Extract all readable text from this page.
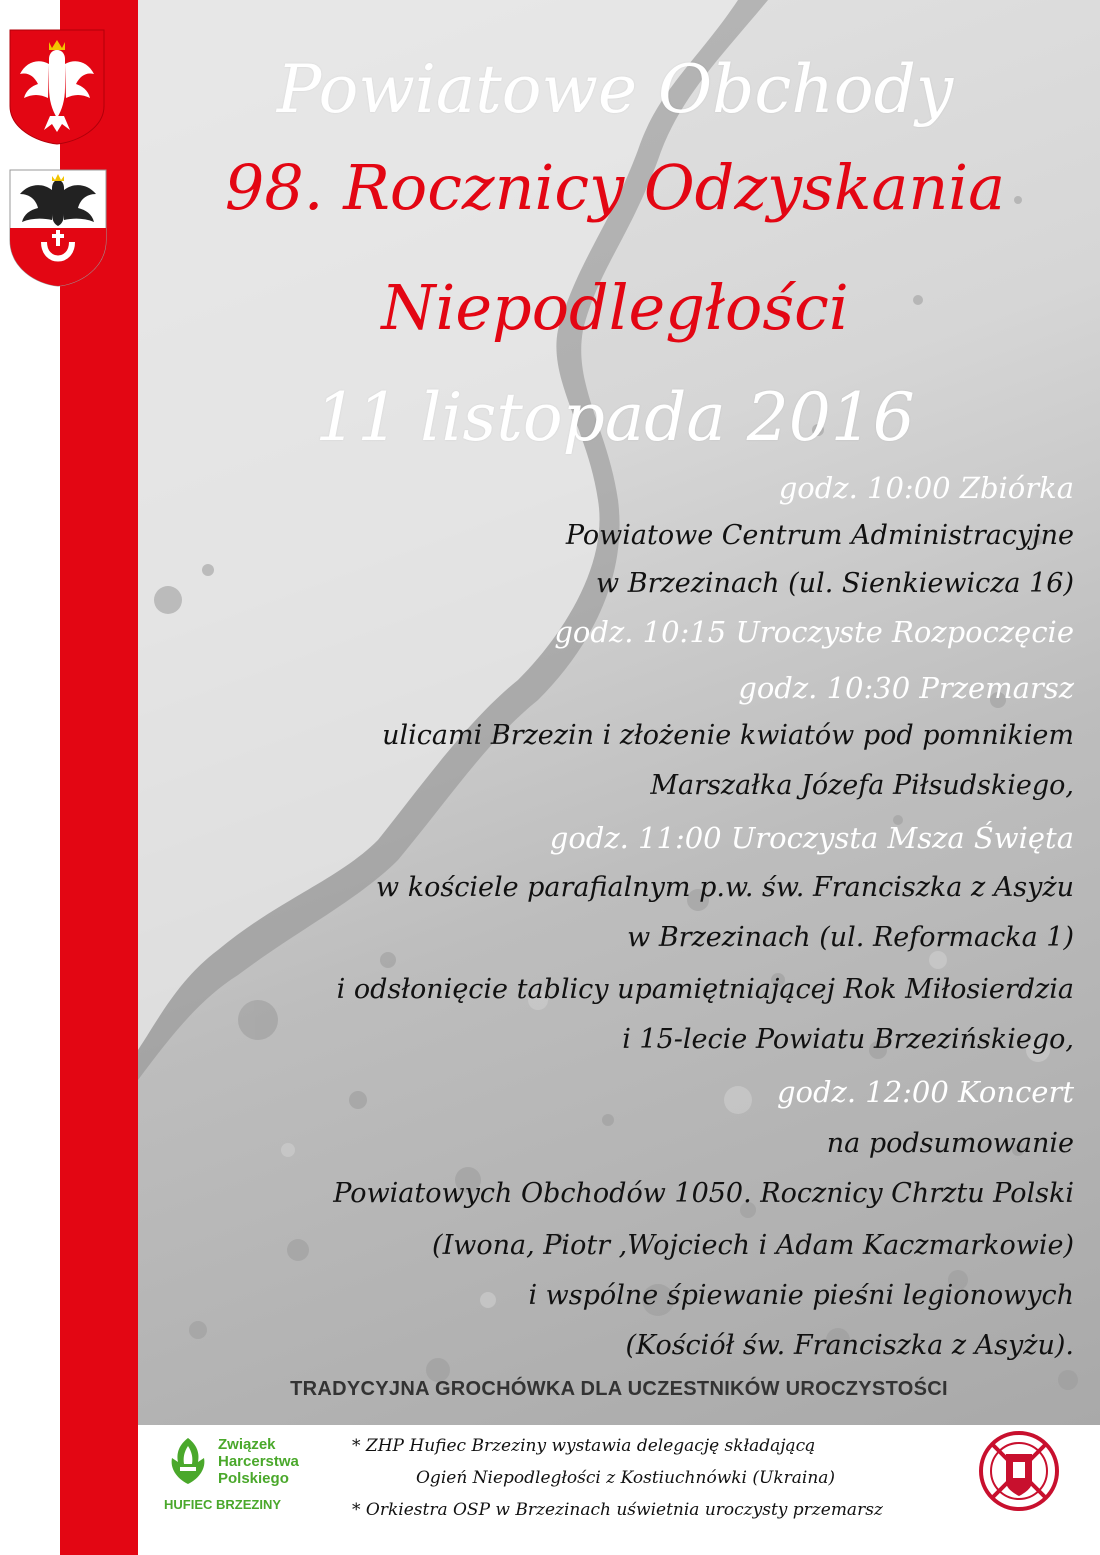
Powiatowe Obchody
98. Rocznicy Odzyskania
Niepodległości
11 listopada 2016
godz. 10:00 Zbiórka
Powiatowe Centrum Administracyjne
w Brzezinach (ul. Sienkiewicza 16)
godz. 10:15 Uroczyste Rozpoczęcie
godz. 10:30 Przemarsz
ulicami Brzezin i złożenie kwiatów pod pomnikiem
Marszałka Józefa Piłsudskiego,
godz. 11:00 Uroczysta Msza Święta
w kościele parafialnym p.w. św. Franciszka z Asyżu
w Brzezinach (ul. Reformacka 1)
i odsłonięcie tablicy upamiętniającej Rok Miłosierdzia
i 15-lecie Powiatu Brzezińskiego,
godz. 12:00 Koncert
na podsumowanie
Powiatowych Obchodów 1050. Rocznicy Chrztu Polski
(Iwona, Piotr ,Wojciech i Adam Kaczmarkowie)
i wspólne śpiewanie pieśni legionowych
(Kościół św. Franciszka z Asyżu).
TRADYCYJNA GROCHÓWKA DLA UCZESTNIKÓW UROCZYSTOŚCI
Związek
Harcerstwa
Polskiego
HUFIEC BRZEZINY
* ZHP Hufiec Brzeziny wystawia delegację składającą
Ogień Niepodległości z Kostiuchnówki (Ukraina)
* Orkiestra OSP w Brzezinach uświetnia uroczysty przemarsz
